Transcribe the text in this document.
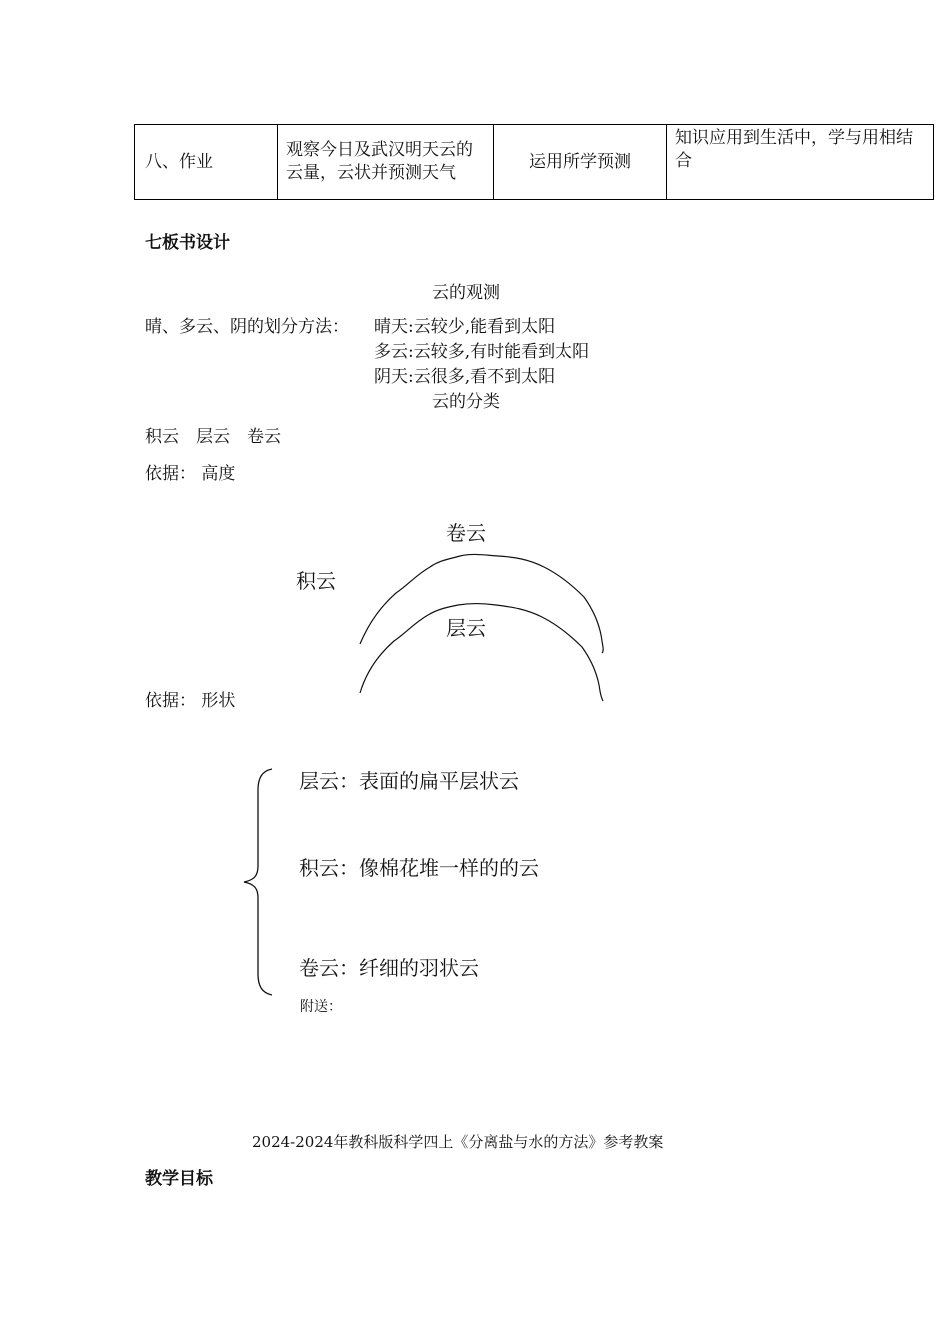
八、作业	观察今日及武汉明天云的云量，云状并预测天气	运用所学预测	知识应用到生活中，学与用相结合
七板书设计
云的观测
晴、多云、阴的划分方法： 晴天:云较少,能看到太阳
多云:云较多,有时能看到太阳
阴天:云很多,看不到太阳
云的分类
积云　层云　卷云
依据： 高度
卷云
积云
层云
依据： 形状
层云：表面的扁平层状云
积云：像棉花堆一样的的云
卷云：纤细的羽状云
附送：
2024-2024年教科版科学四上《分离盐与水的方法》参考教案
教学目标
